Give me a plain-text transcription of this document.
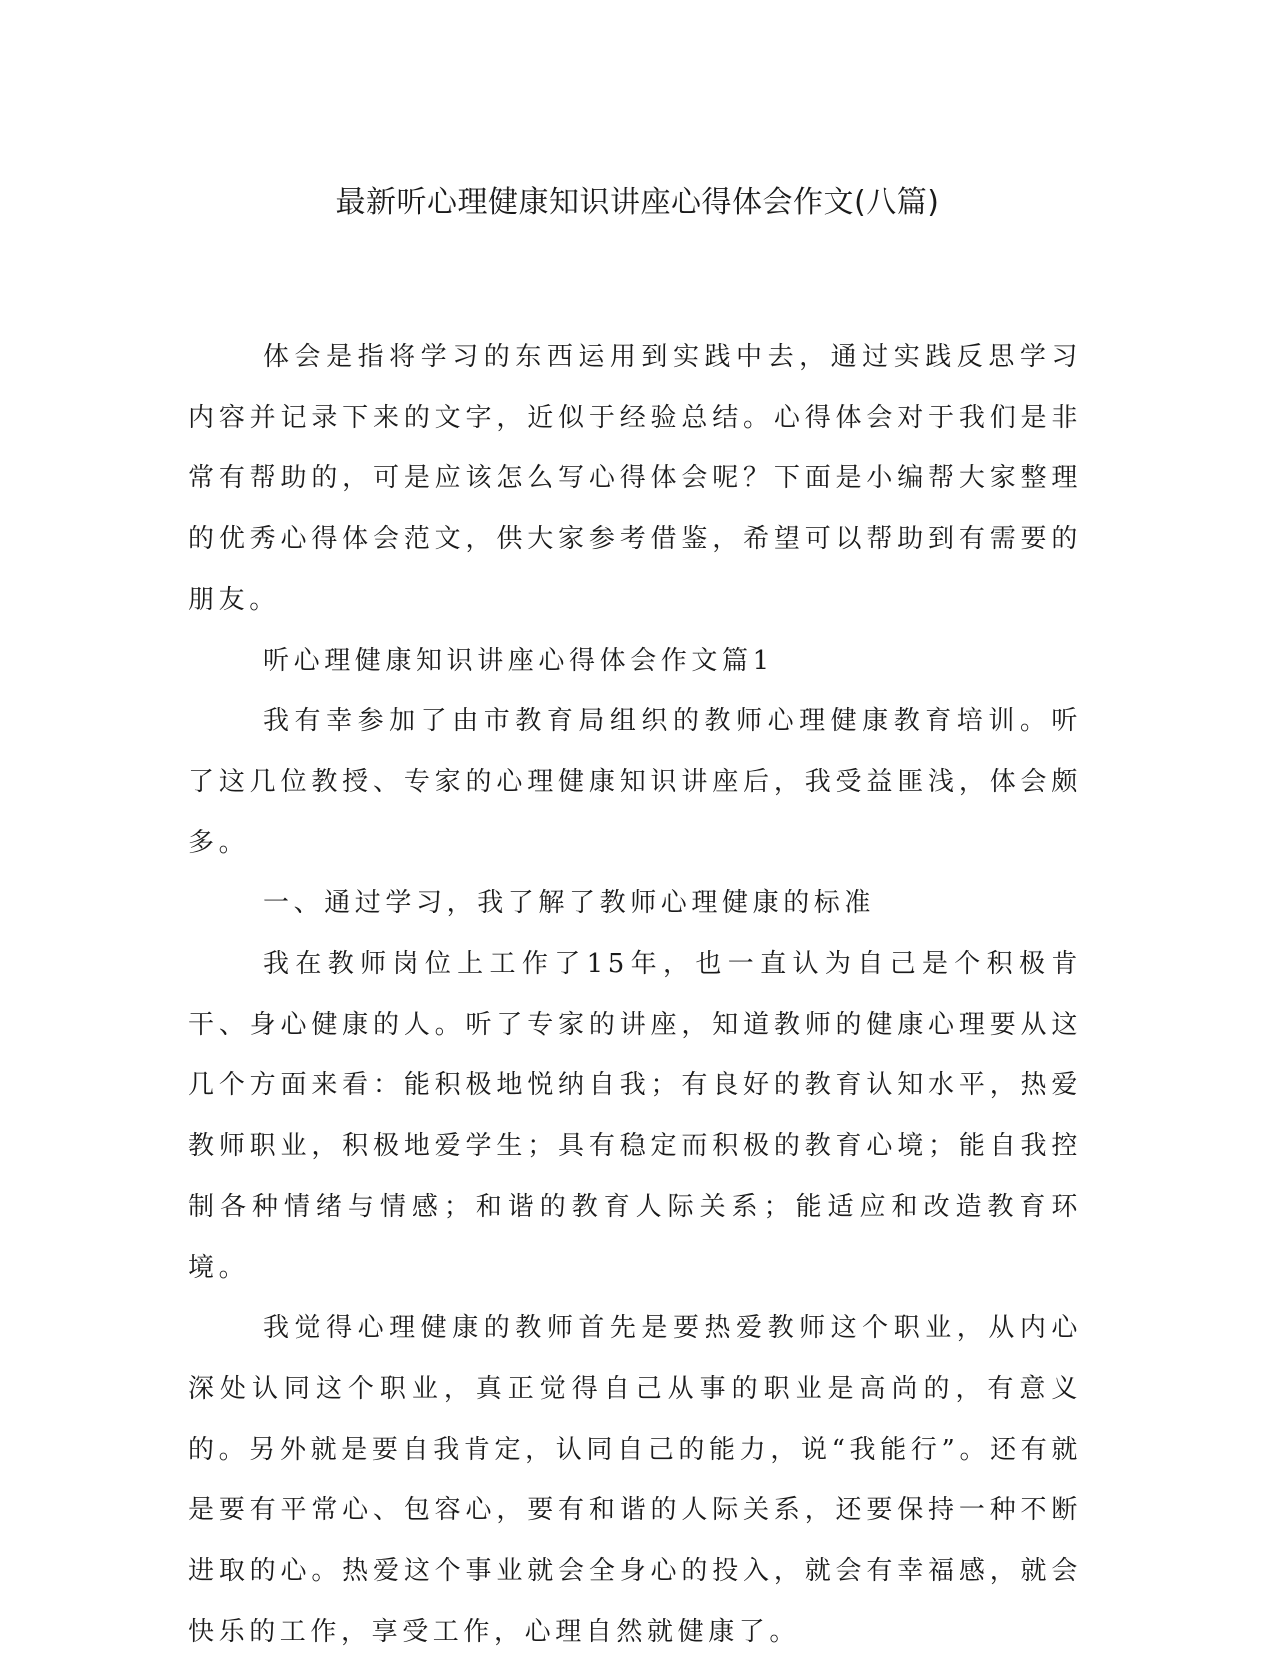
最新听心理健康知识讲座心得体会作文(八篇)

体会是指将学习的东西运用到实践中去，通过实践反思学习内容并记录下来的文字，近似于经验总结。心得体会对于我们是非常有帮助的，可是应该怎么写心得体会呢？下面是小编帮大家整理的优秀心得体会范文，供大家参考借鉴，希望可以帮助到有需要的朋友。

听心理健康知识讲座心得体会作文篇1

我有幸参加了由市教育局组织的教师心理健康教育培训。听了这几位教授、专家的心理健康知识讲座后，我受益匪浅，体会颇多。

一、通过学习，我了解了教师心理健康的标准

我在教师岗位上工作了15年，也一直认为自己是个积极肯干、身心健康的人。听了专家的讲座，知道教师的健康心理要从这几个方面来看：能积极地悦纳自我；有良好的教育认知水平，热爱教师职业，积极地爱学生；具有稳定而积极的教育心境；能自我控制各种情绪与情感；和谐的教育人际关系；能适应和改造教育环境。

我觉得心理健康的教师首先是要热爱教师这个职业，从内心深处认同这个职业，真正觉得自己从事的职业是高尚的，有意义的。另外就是要自我肯定，认同自己的能力，说“我能行”。还有就是要有平常心、包容心，要有和谐的人际关系，还要保持一种不断进取的心。热爱这个事业就会全身心的投入，就会有幸福感，就会快乐的工作，享受工作，心理自然就健康了。
